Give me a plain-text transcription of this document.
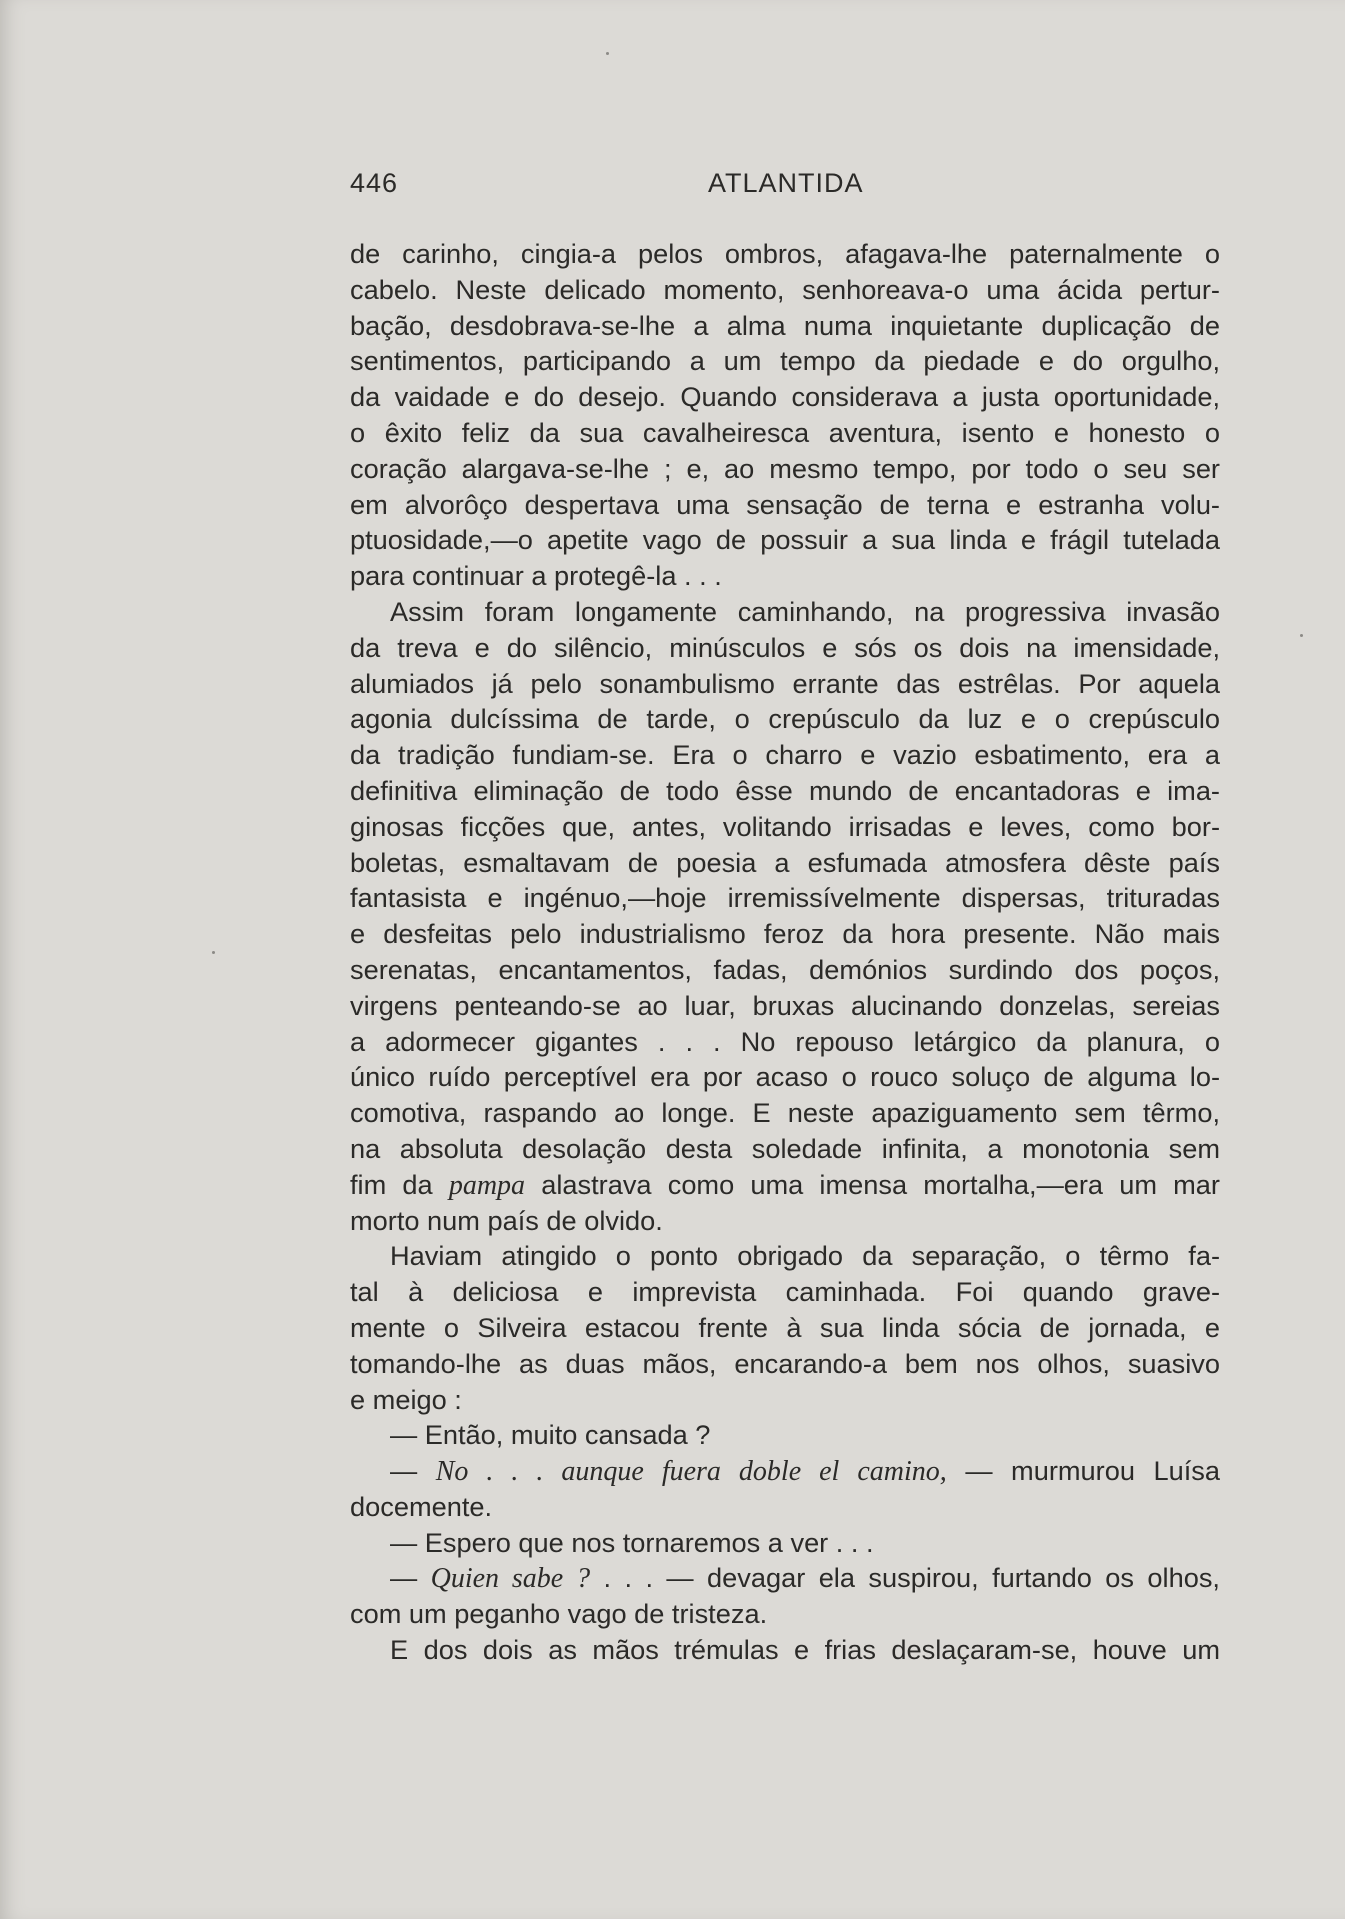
446	ATLANTIDA
de carinho, cingia-a pelos ombros, afagava-lhe paternalmente o
cabelo. Neste delicado momento, senhoreava-o uma ácida pertur-
bação, desdobrava-se-lhe a alma numa inquietante duplicação de
sentimentos, participando a um tempo da piedade e do orgulho,
da vaidade e do desejo. Quando considerava a justa oportunidade,
o êxito feliz da sua cavalheiresca aventura, isento e honesto o
coração alargava-se-lhe ; e, ao mesmo tempo, por todo o seu ser
em alvorôço despertava uma sensação de terna e estranha volu-
ptuosidade,—o apetite vago de possuir a sua linda e frágil tutelada
para continuar a protegê-la . . .
Assim foram longamente caminhando, na progressiva invasão
da treva e do silêncio, minúsculos e sós os dois na imensidade,
alumiados já pelo sonambulismo errante das estrêlas. Por aquela
agonia dulcíssima de tarde, o crepúsculo da luz e o crepúsculo
da tradição fundiam-se. Era o charro e vazio esbatimento, era a
definitiva eliminação de todo êsse mundo de encantadoras e ima-
ginosas ficções que, antes, volitando irrisadas e leves, como bor-
boletas, esmaltavam de poesia a esfumada atmosfera dêste país
fantasista e ingénuo,—hoje irremissívelmente dispersas, trituradas
e desfeitas pelo industrialismo feroz da hora presente. Não mais
serenatas, encantamentos, fadas, demónios surdindo dos poços,
virgens penteando-se ao luar, bruxas alucinando donzelas, sereias
a adormecer gigantes . . . No repouso letárgico da planura, o
único ruído perceptível era por acaso o rouco soluço de alguma lo-
comotiva, raspando ao longe. E neste apaziguamento sem têrmo,
na absoluta desolação desta soledade infinita, a monotonia sem
fim da pampa alastrava como uma imensa mortalha,—era um mar
morto num país de olvido.
Haviam atingido o ponto obrigado da separação, o têrmo fa-
tal à deliciosa e imprevista caminhada. Foi quando grave-
mente o Silveira estacou frente à sua linda sócia de jornada, e
tomando-lhe as duas mãos, encarando-a bem nos olhos, suasivo
e meigo :
— Então, muito cansada ?
— No . . . aunque fuera doble el camino, — murmurou Luísa
docemente.
— Espero que nos tornaremos a ver . . .
— Quien sabe ? . . . — devagar ela suspirou, furtando os olhos,
com um peganho vago de tristeza.
E dos dois as mãos trémulas e frias deslaçaram-se, houve um
